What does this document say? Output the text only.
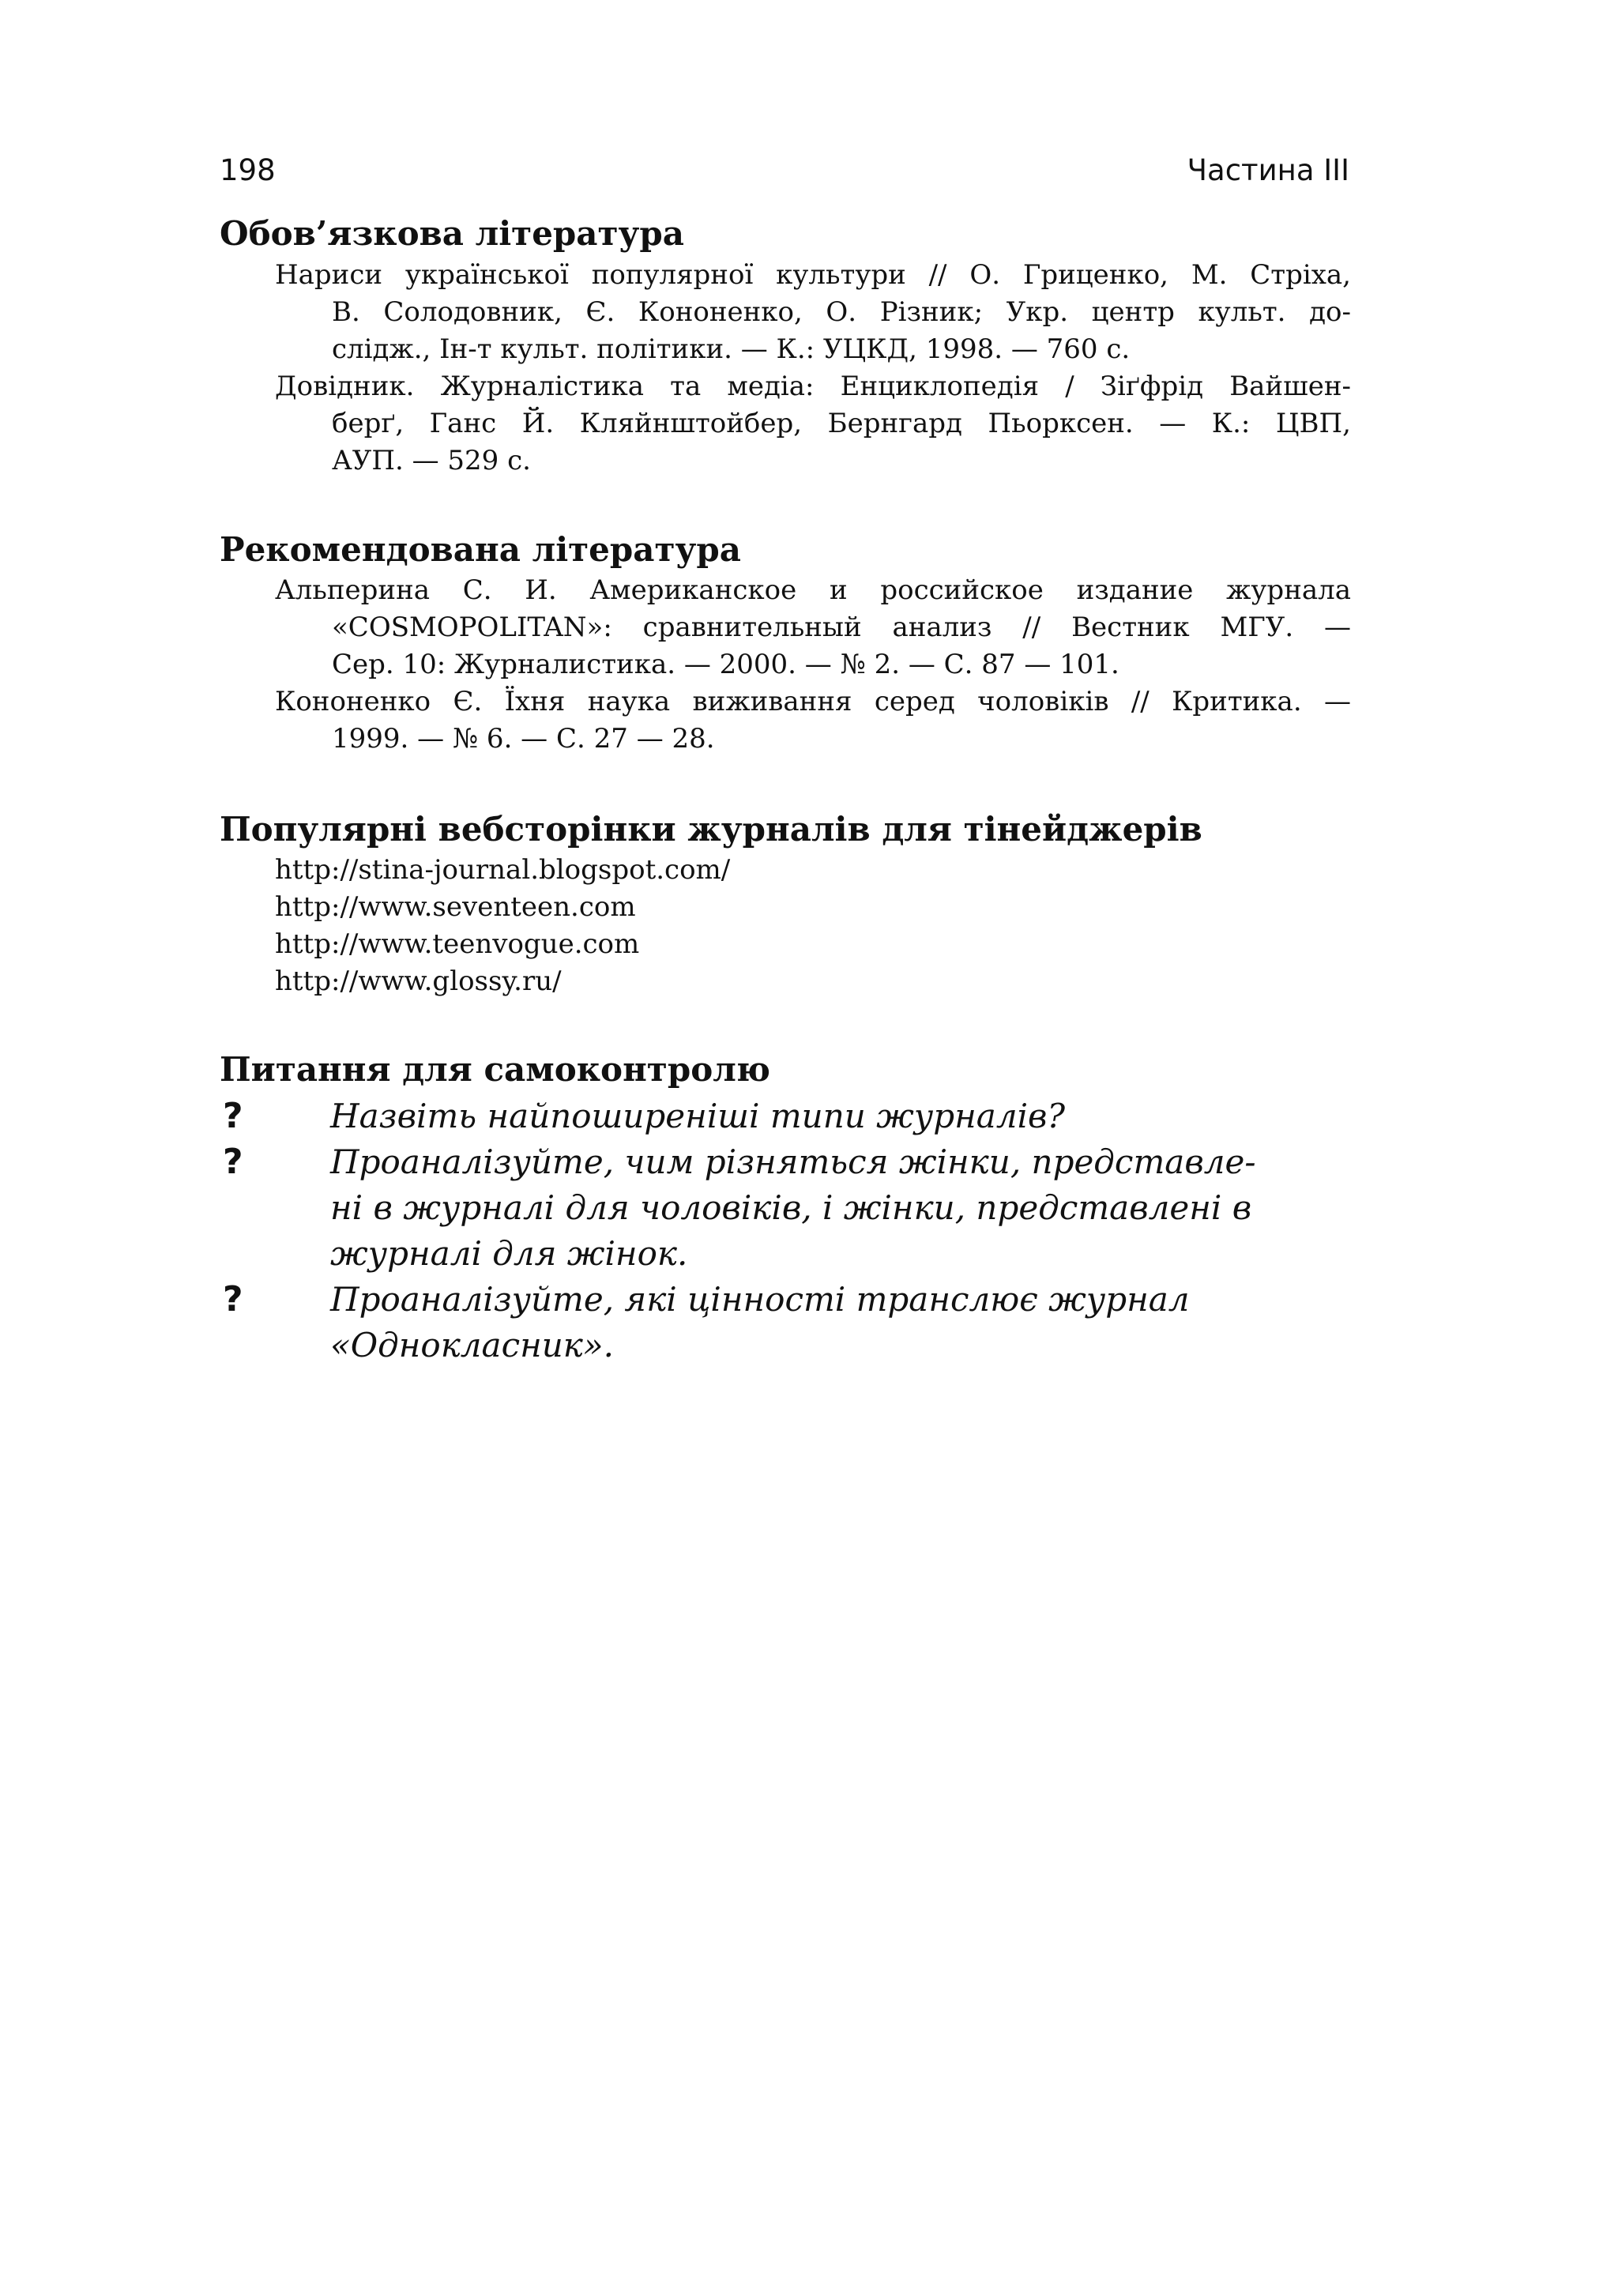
198	Частина III
Обов’язкова література
Нариси української популярної культури // О. Гриценко, М. Стріха,
В. Солодовник, Є. Кононенко, О. Різник; Укр. центр культ. до-
слідж., Ін-т культ. політики. — К.: УЦКД, 1998. — 760 с.
Довідник. Журналістика та медіа: Енциклопедія / Зіґфрід Вайшен-
берґ, Ганс Й. Кляйнштойбер, Бернгард Пьорксен. — К.: ЦВП,
АУП. — 529 с.
Рекомендована література
Альперина С. И. Американское и российское издание журнала
«COSMOPOLITAN»: сравнительный анализ // Вестник МГУ. —
Сер. 10: Журналистика. — 2000. — № 2. — С. 87 — 101.
Кононенко Є. Їхня наука виживання серед чоловіків // Критика. —
1999. — № 6. — С. 27 — 28.
Популярні вебсторінки журналів для тінейджерів
http://stina-journal.blogspot.com/
http://www.seventeen.com
http://www.teenvogue.com
http://www.glossy.ru/
Питання для самоконтролю
?	Назвіть найпоширеніші типи журналів?
?	Проаналізуйте, чим різняться жінки, представле-
ні в журналі для чоловіків, і жінки, представлені в
журналі для жінок.
?	Проаналізуйте, які цінності транслює журнал
«Однокласник».
